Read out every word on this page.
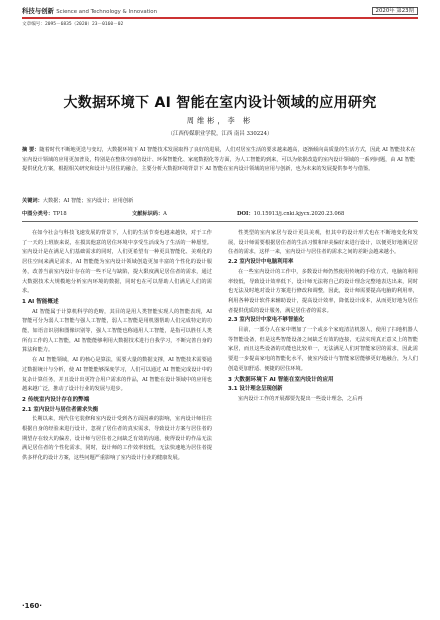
科技与创新 Science and Technology & Innovation	2020年 第23期
文章编号：2095－6835（2020）23－0160－02
大数据环境下 AI 智能在室内设计领域的应用研究
周维彬，李 彬
（江西传媒职业学院，江西 南昌 330224）
摘 要：随着时代不断地更迭与变幻，大数据环境下 AI 智能技术发展取得了良好的进展，人们对居室生活的要求越来越高，逐渐倾向高质量的生活方式，因此 AI 智能技术在室内设计领域的应用更加普及，特别是在整体空间的设计、环保智能化、家庭数据化等方面，为人工智能的到来，可以为依据改造的室内设计领域的一系列问题，由 AI 智能提供优化方案，根据相关研究和设计与居住的融合，主要分析大数据环境背景下 AI 智能在室内设计领域的应用与创新，也为未来的发展提供参考与借鉴。
关键词：大数据；AI 智能；室内设计；应用创新
中图分类号：TP18	文献标识码：A	DOI：10.15913/j.cnki.kjycx.2020.23.068

在如今社会与科技飞速发展的背景下，人们的生活节奏也越来越快，对于工作了一天的上班族来说，在摸其他意的居住环境中享受生活成为了生活的一种愿望。室内设计是在满足人们基础需求的同时，人们更希望有一种更具智能化、美观化的居住空间来满足需求，AI 智能能为室内设计领域创造更加丰富的个性化的设计服务，改善当前室内设计存在的一些不足与缺陷，提大限度满足居住者的需求，通过大数据技术大规模地分析室内环境的数据，同时也在可以帮助人们满足人们的需求。

1 AI 智能概述

AI 智能属于计算机科学的范畴，其目的是用人类智能实现人的智能表现，AI 智能可分为弱人工智能与强人工智能，弱人工智能是用机器帮助人们完成特定的功能，如语音识别和图像识别等，强人工智能也称通用人工智能，是指可以胜任人类所有工作的人工智能，AI 智能能够利用大数据技术进行自我学习，不断完善自身的算法和能力。

在 AI 智能领域，AI 的核心是算法，需要大量的数据支撑，AI 智能技术需要通过数据统计与分析，使 AI 智能能够深度学习，人们可以通过 AI 智能完成设计中的复杂计算任务，并且设计出更符合用户需求的作品，AI 智能在设计领域中的应用也越来越广泛，推动了设计行业的发展与进步。

2 传统室内设计存在的弊端
2.1 室内设计与居住者需求失衡

长期以来，现代住宅装修和室内设计受到各方面因素的影响，室内设计师往往根据自身的经验来进行设计，忽视了居住者的真实需求，导致设计方案与居住者的期望存在较大的偏差，设计师与居住者之间缺乏有效的沟通，使得设计的作品无法满足居住者的个性化需求，同时，设计师的工作效率较低，无法快速地为居住者提供多样化的设计方案，这些问题严重影响了室内设计行业的健康发展。

性类型的室内家居与设计更具美观，但其中的设计形式也在不断地变化和发展，设计师需要根据居住者的生活习惯和审美偏好来进行设计，以便更好地满足居住者的需求，这样一来，室内设计与居住者的需求之间的差距会越来越小。

2.2 室内设计中电脑利用率

在一些室内设计的工作中，多数设计师仍然使用传统的手绘方式，电脑的利用率较低，导致设计效率低下，设计师无法将自己的设计理念完整地表达出来，同时也无法及时地对设计方案进行修改和调整，因此，设计师需要提高电脑的利用率，利用各种设计软件来辅助设计，提高设计效率，降低设计成本，从而更好地为居住者提供优质的设计服务，满足居住者的需求。

2.3 室内设计中家电不够智能化

目前，一部分人在家中增加了一个或多个家庭清洁机器人，使用了扫地机器人等智能设备，但是这些智能设备之间缺乏有效的连接，无法实现真正意义上的智能家居，而且这些设备的功能也比较单一，无法满足人们对智能家居的需求，因此需要进一步提高家电的智能化水平，使室内设计与智能家居能够更好地融合，为人们创造更加舒适、便捷的居住环境。

3 大数据环境下 AI 智能在室内设计的应用
3.1 设计理念呈现创新

室内设计工作的开展都要先提出一些设计理念，之后再

·160·
